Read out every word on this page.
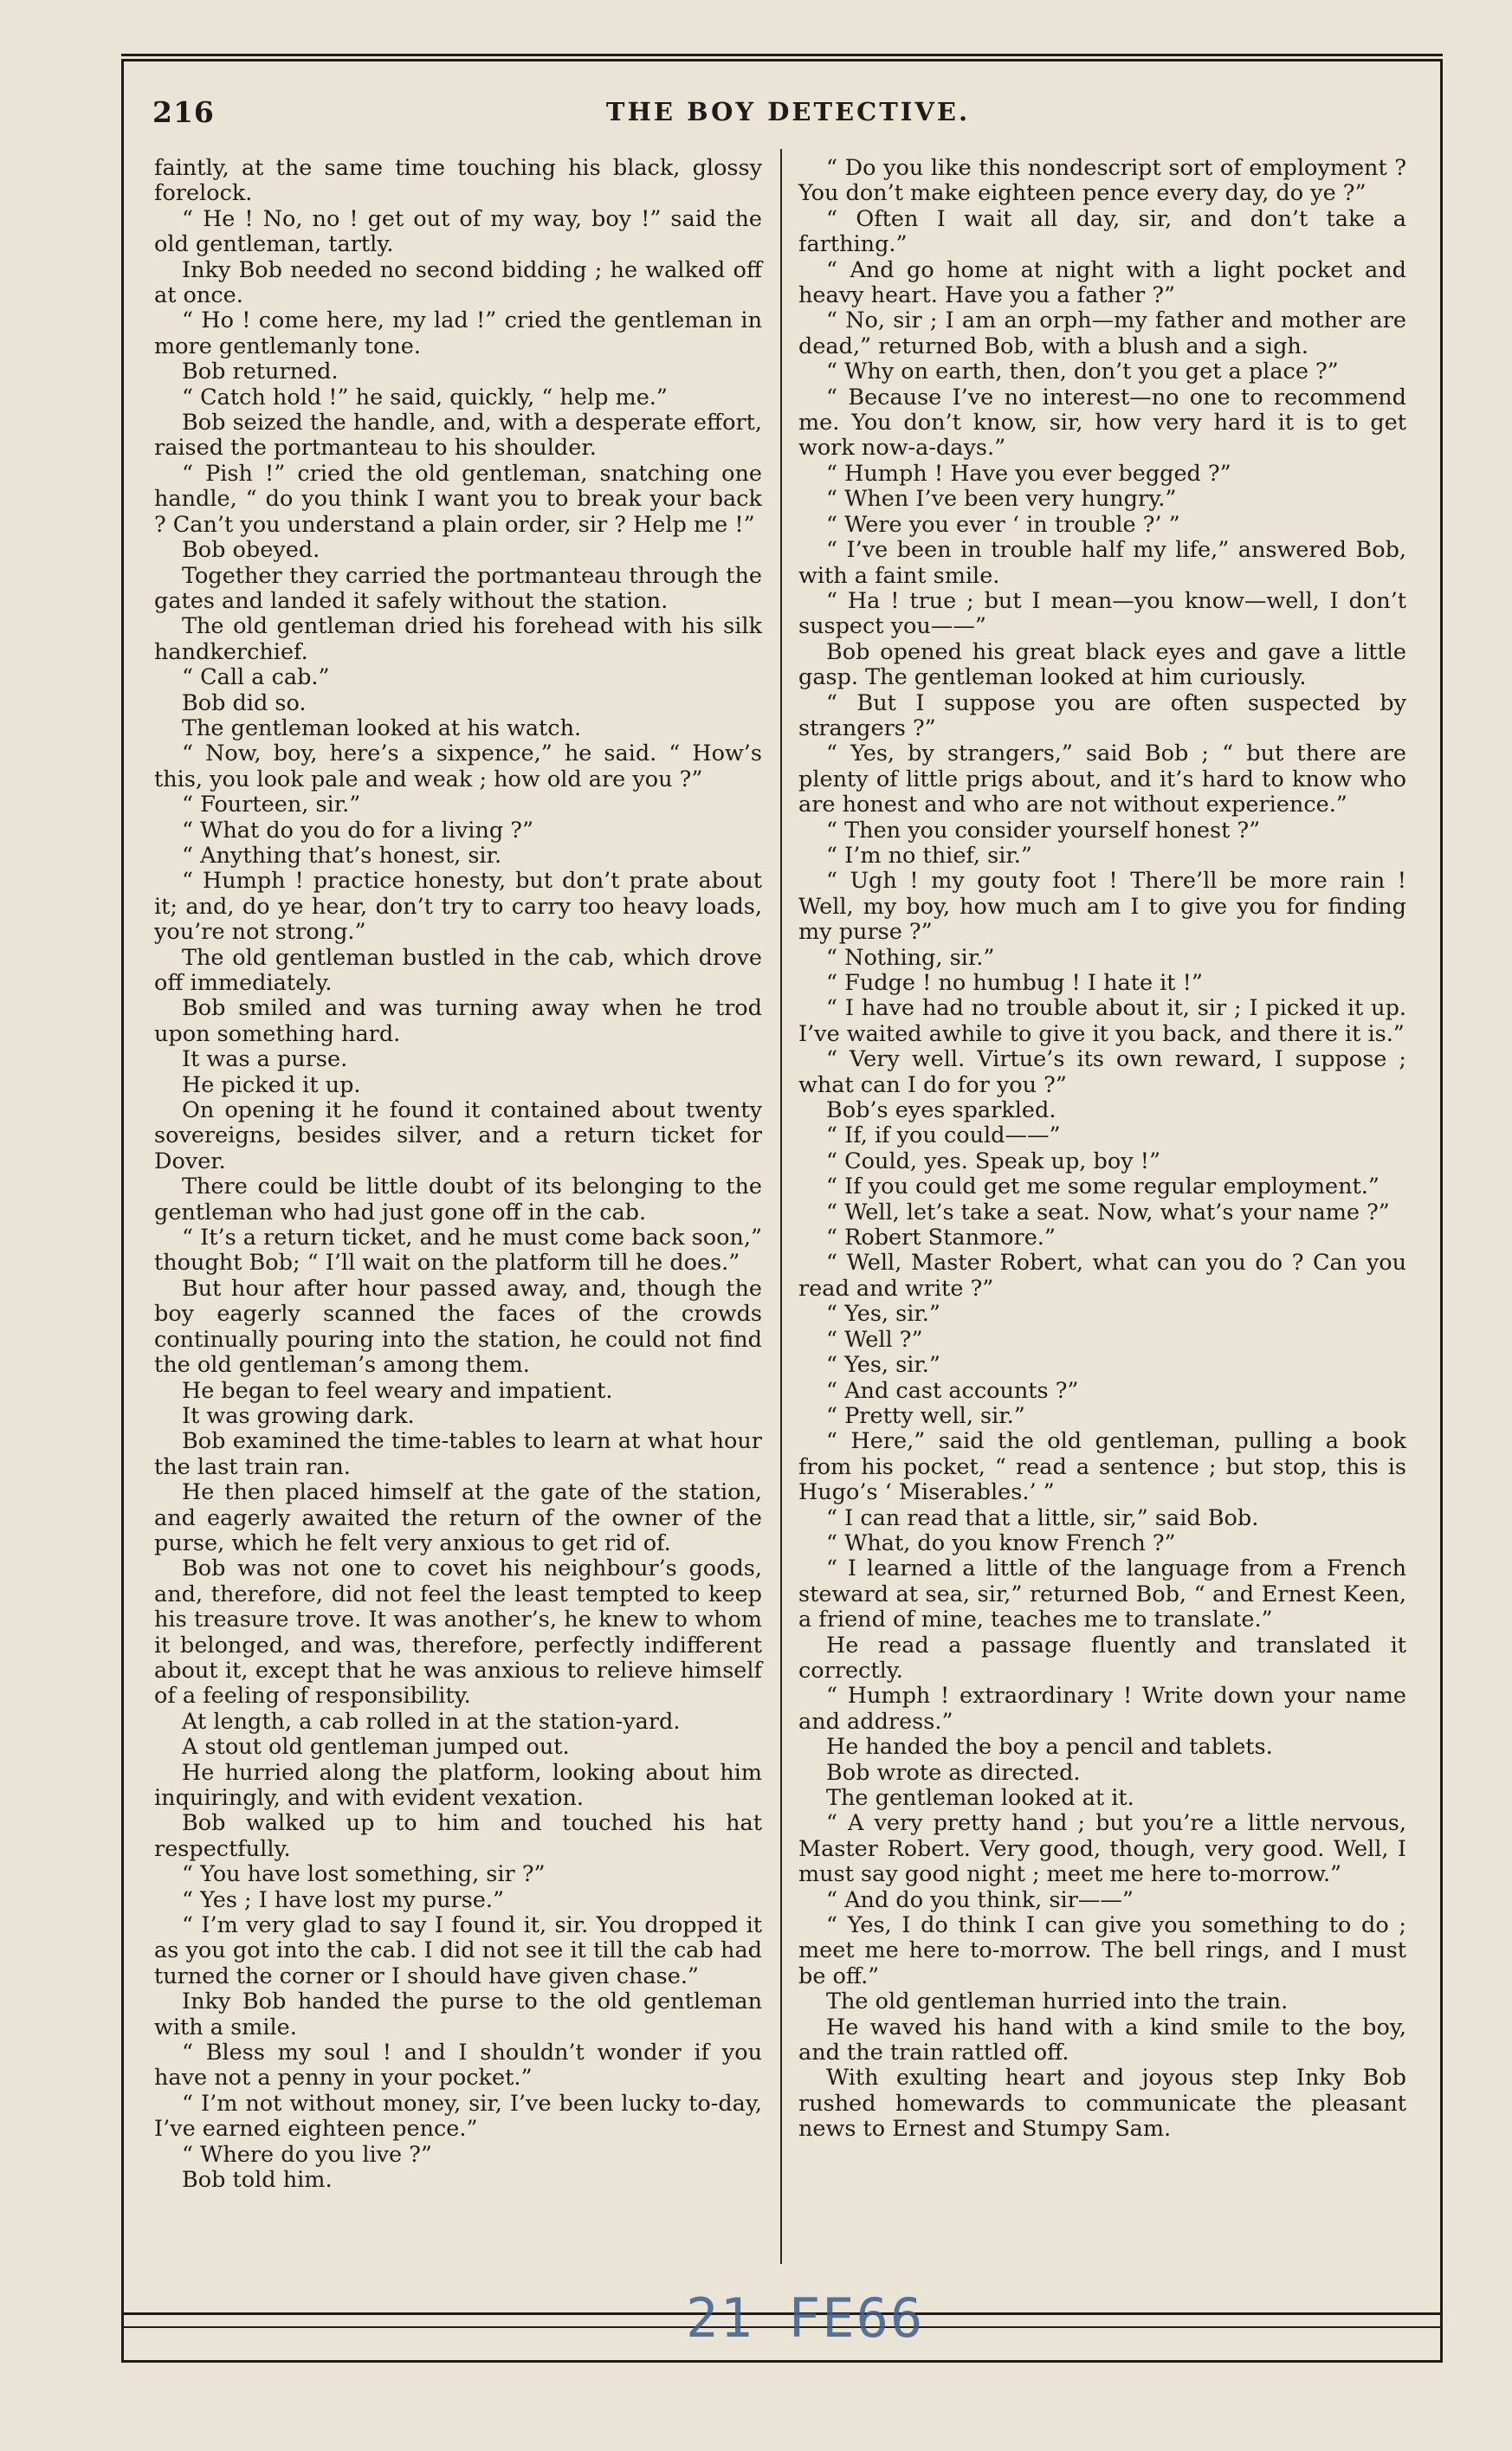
216	THE BOY DETECTIVE.

faintly, at the same time touching his black, glossy forelock.

“ He ! No, no ! get out of my way, boy !” said the old gentleman, tartly.

Inky Bob needed no second bidding ; he walked off at once.

“ Ho ! come here, my lad !” cried the gentleman in more gentlemanly tone.

Bob returned.

“ Catch hold !” he said, quickly, “ help me.”

Bob seized the handle, and, with a desperate effort, raised the portmanteau to his shoulder.

“ Pish !” cried the old gentleman, snatching one handle, “ do you think I want you to break your back ? Can’t you understand a plain order, sir ? Help me !”

Bob obeyed.

Together they carried the portmanteau through the gates and landed it safely without the station.

The old gentleman dried his forehead with his silk handkerchief.

“ Call a cab.”

Bob did so.

The gentleman looked at his watch.

“ Now, boy, here’s a sixpence,” he said. “ How’s this, you look pale and weak ; how old are you ?”

“ Fourteen, sir.”

“ What do you do for a living ?”

“ Anything that’s honest, sir.

“ Humph ! practice honesty, but don’t prate about it; and, do ye hear, don’t try to carry too heavy loads, you’re not strong.”

The old gentleman bustled in the cab, which drove off immediately.

Bob smiled and was turning away when he trod upon something hard.

It was a purse.

He picked it up.

On opening it he found it contained about twenty sovereigns, besides silver, and a return ticket for Dover.

There could be little doubt of its belonging to the gentleman who had just gone off in the cab.

“ It’s a return ticket, and he must come back soon,” thought Bob; “ I’ll wait on the platform till he does.”

But hour after hour passed away, and, though the boy eagerly scanned the faces of the crowds continually pouring into the station, he could not find the old gentleman’s among them.

He began to feel weary and impatient.

It was growing dark.

Bob examined the time-tables to learn at what hour the last train ran.

He then placed himself at the gate of the station, and eagerly awaited the return of the owner of the purse, which he felt very anxious to get rid of.

Bob was not one to covet his neighbour’s goods, and, therefore, did not feel the least tempted to keep his treasure trove. It was another’s, he knew to whom it belonged, and was, therefore, perfectly indifferent about it, except that he was anxious to relieve himself of a feeling of responsibility.

At length, a cab rolled in at the station-yard.

A stout old gentleman jumped out.

He hurried along the platform, looking about him inquiringly, and with evident vexation.

Bob walked up to him and touched his hat respectfully.

“ You have lost something, sir ?”

“ Yes ; I have lost my purse.”

“ I’m very glad to say I found it, sir. You dropped it as you got into the cab. I did not see it till the cab had turned the corner or I should have given chase.”

Inky Bob handed the purse to the old gentleman with a smile.

“ Bless my soul ! and I shouldn’t wonder if you have not a penny in your pocket.”

“ I’m not without money, sir, I’ve been lucky to-day, I’ve earned eighteen pence.”

“ Where do you live ?”

Bob told him.

“ Do you like this nondescript sort of employment ? You don’t make eighteen pence every day, do ye ?”

“ Often I wait all day, sir, and don’t take a farthing.”

“ And go home at night with a light pocket and heavy heart. Have you a father ?”

“ No, sir ; I am an orph—my father and mother are dead,” returned Bob, with a blush and a sigh.

“ Why on earth, then, don’t you get a place ?”

“ Because I’ve no interest—no one to recommend me. You don’t know, sir, how very hard it is to get work now-a-days.”

“ Humph ! Have you ever begged ?”

“ When I’ve been very hungry.”

“ Were you ever ‘ in trouble ?’ ”

“ I’ve been in trouble half my life,” answered Bob, with a faint smile.

“ Ha ! true ; but I mean—you know—well, I don’t suspect you——”

Bob opened his great black eyes and gave a little gasp. The gentleman looked at him curiously.

“ But I suppose you are often suspected by strangers ?”

“ Yes, by strangers,” said Bob ; “ but there are plenty of little prigs about, and it’s hard to know who are honest and who are not without experience.”

“ Then you consider yourself honest ?”

“ I’m no thief, sir.”

“ Ugh ! my gouty foot ! There’ll be more rain ! Well, my boy, how much am I to give you for finding my purse ?”

“ Nothing, sir.”

“ Fudge ! no humbug ! I hate it !”

“ I have had no trouble about it, sir ; I picked it up. I’ve waited awhile to give it you back, and there it is.”

“ Very well. Virtue’s its own reward, I suppose ; what can I do for you ?”

Bob’s eyes sparkled.

“ If, if you could——”

“ Could, yes. Speak up, boy !”

“ If you could get me some regular employment.”

“ Well, let’s take a seat. Now, what’s your name ?”

“ Robert Stanmore.”

“ Well, Master Robert, what can you do ? Can you read and write ?”

“ Yes, sir.”

“ Well ?”

“ Yes, sir.”

“ And cast accounts ?”

“ Pretty well, sir.”

“ Here,” said the old gentleman, pulling a book from his pocket, “ read a sentence ; but stop, this is Hugo’s ‘ Miserables.’ ”

“ I can read that a little, sir,” said Bob.

“ What, do you know French ?”

“ I learned a little of the language from a French steward at sea, sir,” returned Bob, “ and Ernest Keen, a friend of mine, teaches me to translate.”

He read a passage fluently and translated it correctly.

“ Humph ! extraordinary ! Write down your name and address.”

He handed the boy a pencil and tablets.

Bob wrote as directed.

The gentleman looked at it.

“ A very pretty hand ; but you’re a little nervous, Master Robert. Very good, though, very good. Well, I must say good night ; meet me here to-morrow.”

“ And do you think, sir——”

“ Yes, I do think I can give you something to do ; meet me here to-morrow. The bell rings, and I must be off.”

The old gentleman hurried into the train.

He waved his hand with a kind smile to the boy, and the train rattled off.

With exulting heart and joyous step Inky Bob rushed homewards to communicate the pleasant news to Ernest and Stumpy Sam.

21 FE66
